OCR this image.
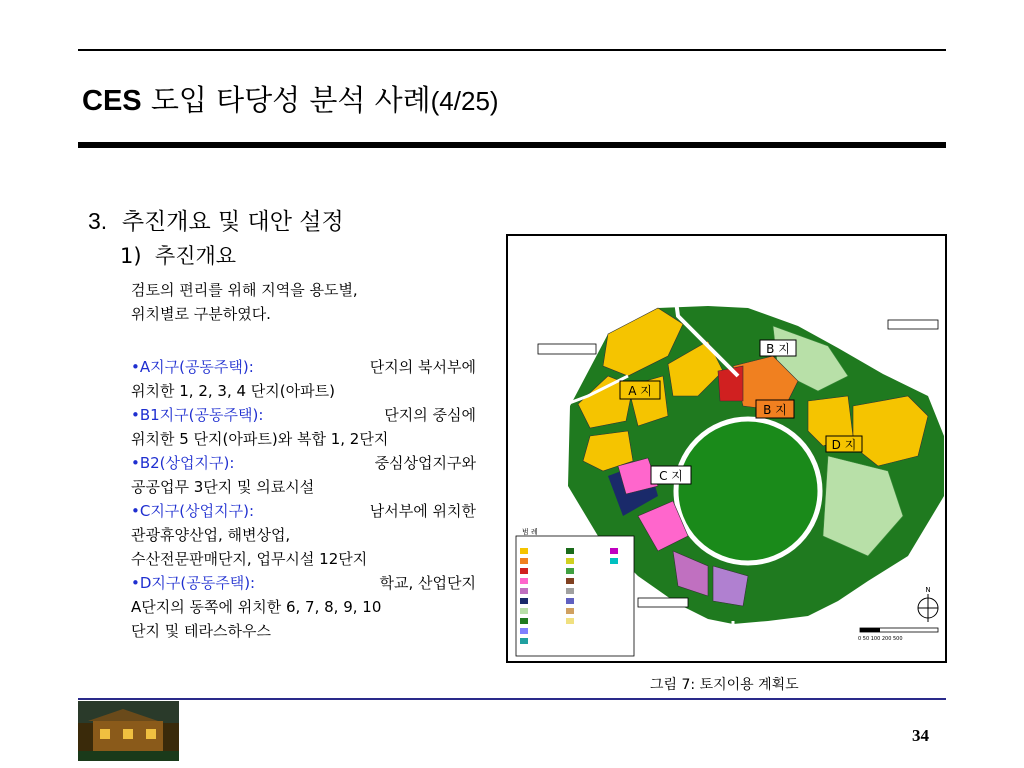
CES 도입 타당성 분석 사례(4/25)
3. 추진개요 및 대안 설정
1) 추진개요
검토의 편리를 위해 지역을 용도별,
위치별로 구분하였다.
•A지구(공동주택):	단지의 북서부에
위치한 1, 2, 3, 4 단지(아파트)
•B1지구(공동주택):	단지의 중심에
위치한 5 단지(아파트)와 복합 1, 2단지
•B2(상업지구):	중심상업지구와
공공업무 3단지 및 의료시설
•C지구(상업지구):	남서부에 위치한
관광휴양산업, 해변상업,
수산전문판매단지, 업무시설 12단지
•D지구(공동주택):	학교, 산업단지
A단지의 동쪽에 위치한 6, 7, 8, 9, 10
단지 및 테라스하우스
A 지
B 지
B 지
C 지
D 지
범 례
N
0 50 100 200 500
그림 7: 토지이용 계획도
34
